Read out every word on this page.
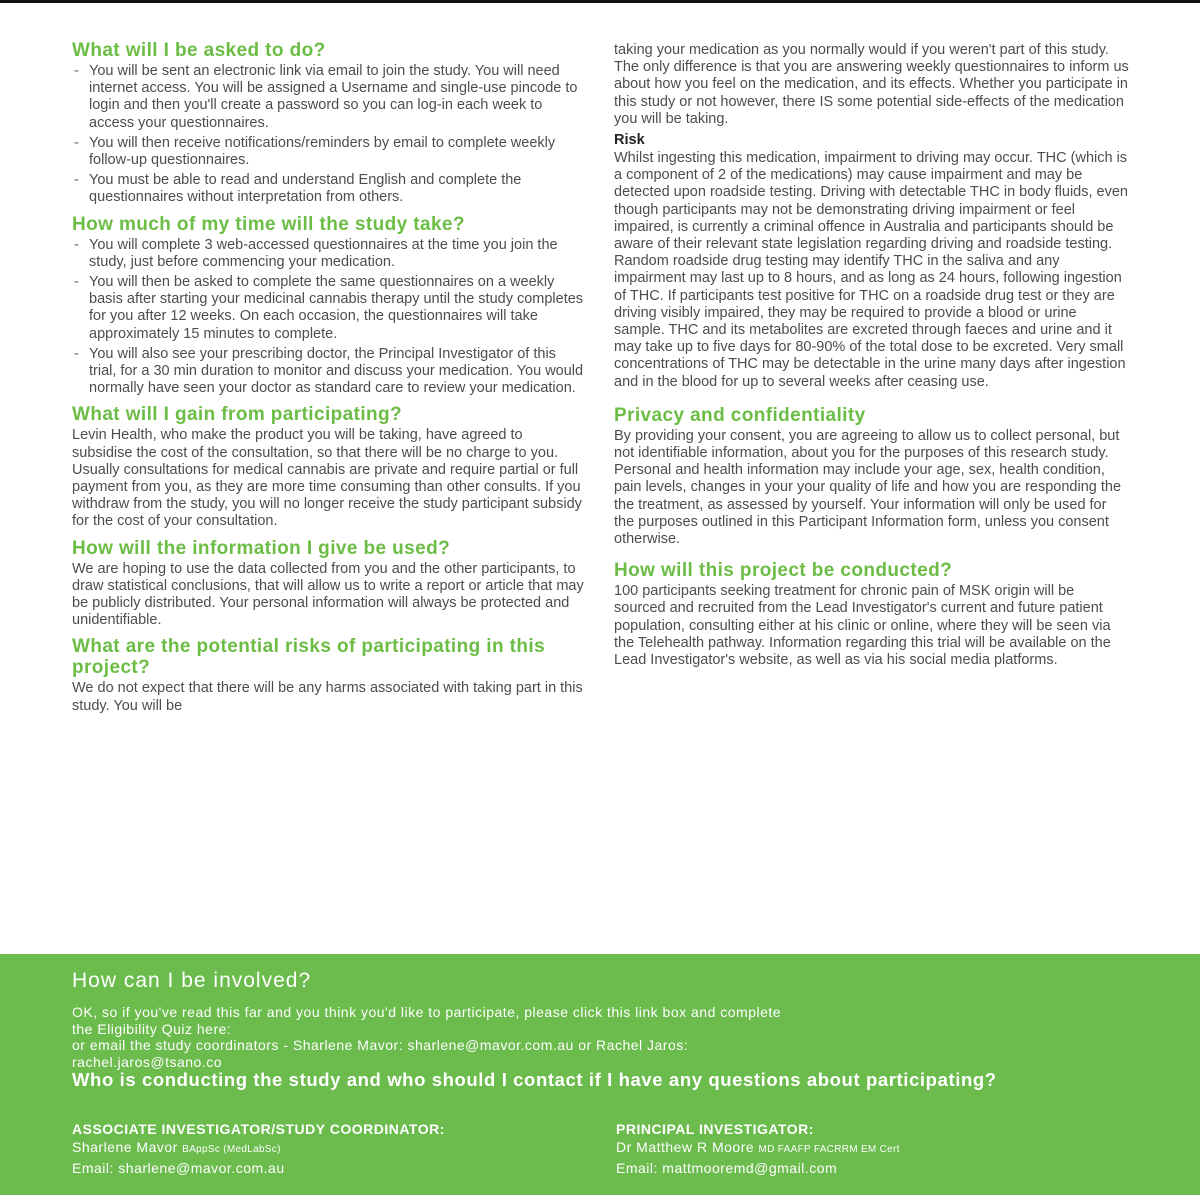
What will I be asked to do?
- You will be sent an electronic link via email to join the study. You will need internet access. You will be assigned a Username and single-use pincode to login and then you'll create a password so you can log-in each week to access your questionnaires.
- You will then receive notifications/reminders by email to complete weekly follow-up questionnaires.
- You must be able to read and understand English and complete the questionnaires without interpretation from others.
How much of my time will the study take?
- You will complete 3 web-accessed questionnaires at the time you join the study, just before commencing your medication.
- You will then be asked to complete the same questionnaires on a weekly basis after starting your medicinal cannabis therapy until the study completes for you after 12 weeks. On each occasion, the questionnaires will take approximately 15 minutes to complete.
- You will also see your prescribing doctor, the Principal Investigator of this trial, for a 30 min duration to monitor and discuss your medication. You would normally have seen your doctor as standard care to review your medication.
What will I gain from participating?

Levin Health, who make the product you will be taking, have agreed to subsidise the cost of the consultation, so that there will be no charge to you. Usually consultations for medical cannabis are private and require partial or full payment from you, as they are more time consuming than other consults. If you withdraw from the study, you will no longer receive the study participant subsidy for the cost of your consultation.

How will the information I give be used?

We are hoping to use the data collected from you and the other participants, to draw statistical conclusions, that will allow us to write a report or article that may be publicly distributed. Your personal information will always be protected and unidentifiable.

What are the potential risks of participating in this project?

We do not expect that there will be any harms associated with taking part in this study. You will be

taking your medication as you normally would if you weren't part of this study. The only difference is that you are answering weekly questionnaires to inform us about how you feel on the medication, and its effects. Whether you participate in this study or not however, there IS some potential side-effects of the medication you will be taking.

Risk

Whilst ingesting this medication, impairment to driving may occur. THC (which is a component of 2 of the medications) may cause impairment and may be detected upon roadside testing. Driving with detectable THC in body fluids, even though participants may not be demonstrating driving impairment or feel impaired, is currently a criminal offence in Australia and participants should be aware of their relevant state legislation regarding driving and roadside testing. Random roadside drug testing may identify THC in the saliva and any impairment may last up to 8 hours, and as long as 24 hours, following ingestion of THC. If participants test positive for THC on a roadside drug test or they are driving visibly impaired, they may be required to provide a blood or urine sample. THC and its metabolites are excreted through faeces and urine and it may take up to five days for 80-90% of the total dose to be excreted. Very small concentrations of THC may be detectable in the urine many days after ingestion and in the blood for up to several weeks after ceasing use.

Privacy and confidentiality

By providing your consent, you are agreeing to allow us to collect personal, but not identifiable information, about you for the purposes of this research study. Personal and health information may include your age, sex, health condition, pain levels, changes in your your quality of life and how you are responding the the treatment, as assessed by yourself. Your information will only be used for the purposes outlined in this Participant Information form, unless you consent otherwise.

How will this project be conducted?

100 participants seeking treatment for chronic pain of MSK origin will be sourced and recruited from the Lead Investigator's current and future patient population, consulting either at his clinic or online, where they will be seen via the Telehealth pathway. Information regarding this trial will be available on the Lead Investigator's website, as well as via his social media platforms.

How can I be involved?
OK, so if you've read this far and you think you'd like to participate, please click this link box and complete
the Eligibility Quiz here:
or email the study coordinators - Sharlene Mavor: sharlene@mavor.com.au or Rachel Jaros:
rachel.jaros@tsano.co
Who is conducting the study and who should I contact if I have any questions about participating?
ASSOCIATE INVESTIGATOR/STUDY COORDINATOR:
Sharlene Mavor BAppSc (MedLabSc)
Email: sharlene@mavor.com.au
PRINCIPAL INVESTIGATOR:
Dr Matthew R Moore MD FAAFP FACRRM EM Cert
Email: mattmooremd@gmail.com
